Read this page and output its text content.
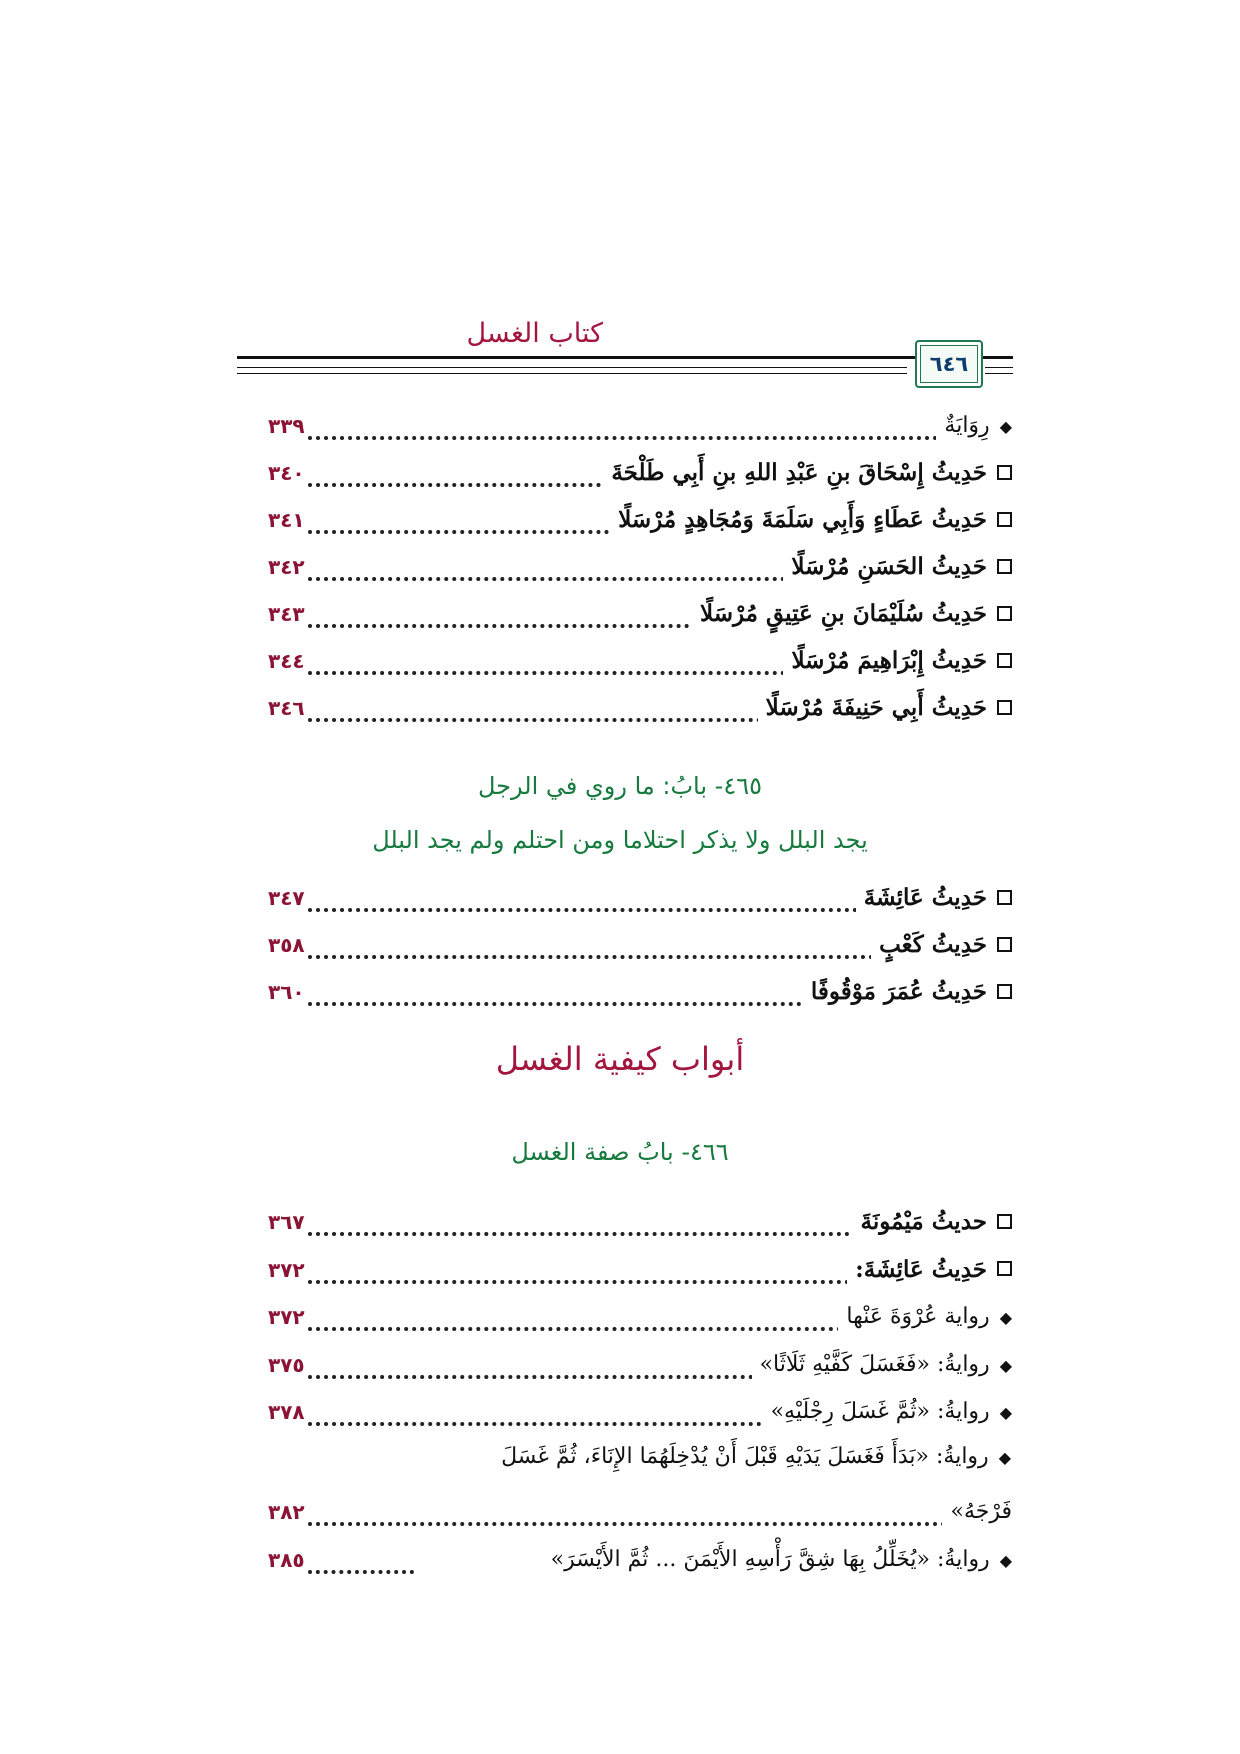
كتاب الغسل
٦٤٦
◆رِوَايَةٌ
٣٣٩
حَدِيثُ إِسْحَاقَ بنِ عَبْدِ اللهِ بنِ أَبِي طَلْحَةَ
٣٤٠
حَدِيثُ عَطَاءٍ وَأَبِي سَلَمَةَ وَمُجَاهِدٍ مُرْسَلًا
٣٤١
حَدِيثُ الحَسَنِ مُرْسَلًا
٣٤٢
حَدِيثُ سُلَيْمَانَ بنِ عَتِيقٍ مُرْسَلًا
٣٤٣
حَدِيثُ إِبْرَاهِيمَ مُرْسَلًا
٣٤٤
حَدِيثُ أَبِي حَنِيفَةَ مُرْسَلًا
٣٤٦
٤٦٥- بابُ: ما روي في الرجل
يجد البلل ولا يذكر احتلاما ومن احتلم ولم يجد البلل
حَدِيثُ عَائِشَةَ
٣٤٧
حَدِيثُ كَعْبٍ
٣٥٨
حَدِيثُ عُمَرَ مَوْقُوفًا
٣٦٠
أبواب كيفية الغسل
٤٦٦- بابُ صفة الغسل
حديثُ مَيْمُونَةَ
٣٦٧
حَدِيثُ عَائِشَةَ:
٣٧٢
◆رواية عُرْوَةَ عَنْها
٣٧٢
◆روايةُ: «فَغَسَلَ كَفَّيْهِ ثَلَاثًا»
٣٧٥
◆روايةُ: «ثُمَّ غَسَلَ رِجْلَيْهِ»
٣٧٨
◆روايةُ: «بَدَأَ فَغَسَلَ يَدَيْهِ قَبْلَ أَنْ يُدْخِلَهُمَا الإِنَاءَ، ثُمَّ غَسَلَ
فَرْجَهُ»
٣٨٢
◆روايةُ: «يُخَلِّلُ بِهَا شِقَّ رَأْسِهِ الأَيْمَنَ ... ثُمَّ الأَيْسَرَ»
٣٨٥
